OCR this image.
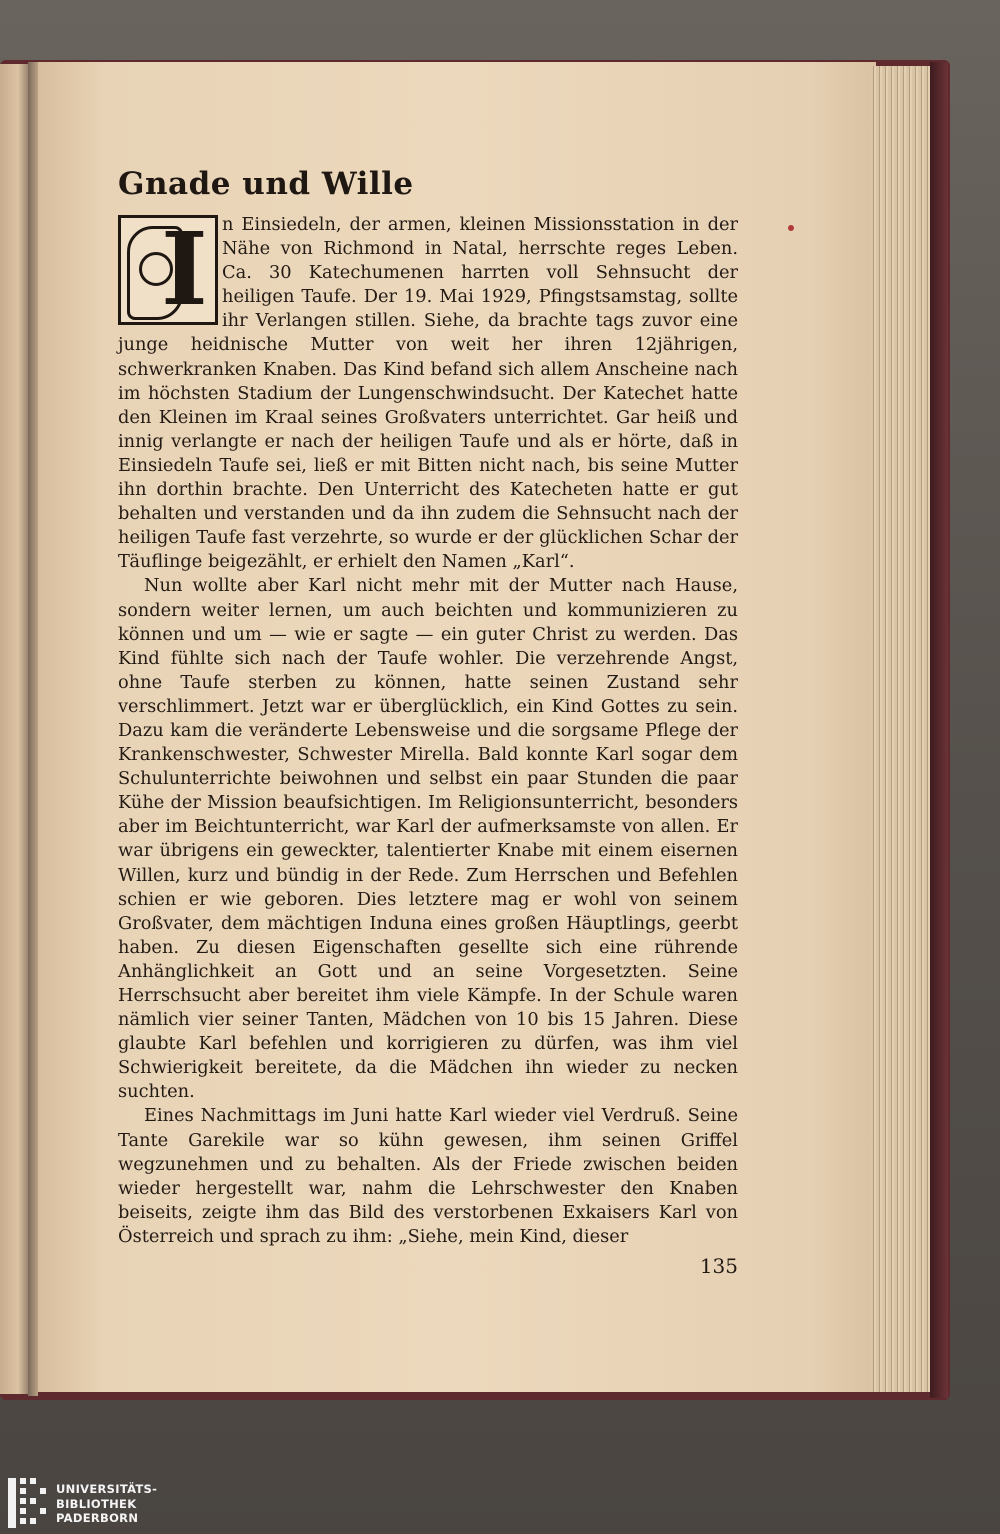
Gnade und Wille
I n Einsiedeln, der armen, kleinen Missionsstation in der Nähe von Richmond in Natal, herrschte reges Leben. Ca. 30 Katechumenen harrten voll Sehnsucht der heiligen Taufe. Der 19. Mai 1929, Pfingstsamstag, sollte ihr Verlangen stillen. Siehe, da brachte tags zuvor eine junge heidnische Mutter von weit her ihren 12jährigen, schwerkranken Knaben. Das Kind befand sich allem Anscheine nach im höchsten Stadium der Lungenschwindsucht. Der Katechet hatte den Kleinen im Kraal seines Großvaters unterrichtet. Gar heiß und innig verlangte er nach der heiligen Taufe und als er hörte, daß in Einsiedeln Taufe sei, ließ er mit Bitten nicht nach, bis seine Mutter ihn dorthin brachte. Den Unterricht des Katecheten hatte er gut behalten und verstanden und da ihn zudem die Sehnsucht nach der heiligen Taufe fast verzehrte, so wurde er der glücklichen Schar der Täuflinge beigezählt, er erhielt den Namen „Karl“.

Nun wollte aber Karl nicht mehr mit der Mutter nach Hause, sondern weiter lernen, um auch beichten und kommunizieren zu können und um — wie er sagte — ein guter Christ zu werden. Das Kind fühlte sich nach der Taufe wohler. Die verzehrende Angst, ohne Taufe sterben zu können, hatte seinen Zustand sehr verschlimmert. Jetzt war er überglücklich, ein Kind Gottes zu sein. Dazu kam die veränderte Lebensweise und die sorgsame Pflege der Krankenschwester, Schwester Mirella. Bald konnte Karl sogar dem Schulunterrichte beiwohnen und selbst ein paar Stunden die paar Kühe der Mission beaufsichtigen. Im Religionsunterricht, besonders aber im Beichtunterricht, war Karl der aufmerksamste von allen. Er war übrigens ein geweckter, talentierter Knabe mit einem eisernen Willen, kurz und bündig in der Rede. Zum Herrschen und Befehlen schien er wie geboren. Dies letztere mag er wohl von seinem Großvater, dem mächtigen Induna eines großen Häuptlings, geerbt haben. Zu diesen Eigenschaften gesellte sich eine rührende Anhänglichkeit an Gott und an seine Vorgesetzten. Seine Herrschsucht aber bereitet ihm viele Kämpfe. In der Schule waren nämlich vier seiner Tanten, Mädchen von 10 bis 15 Jahren. Diese glaubte Karl befehlen und korrigieren zu dürfen, was ihm viel Schwierigkeit bereitete, da die Mädchen ihn wieder zu necken suchten.

Eines Nachmittags im Juni hatte Karl wieder viel Verdruß. Seine Tante Garekile war so kühn gewesen, ihm seinen Griffel wegzunehmen und zu behalten. Als der Friede zwischen beiden wieder hergestellt war, nahm die Lehrschwester den Knaben beiseits, zeigte ihm das Bild des verstorbenen Exkaisers Karl von Österreich und sprach zu ihm: „Siehe, mein Kind, dieser

135
UNIVERSITÄTS-
BIBLIOTHEK
PADERBORN
